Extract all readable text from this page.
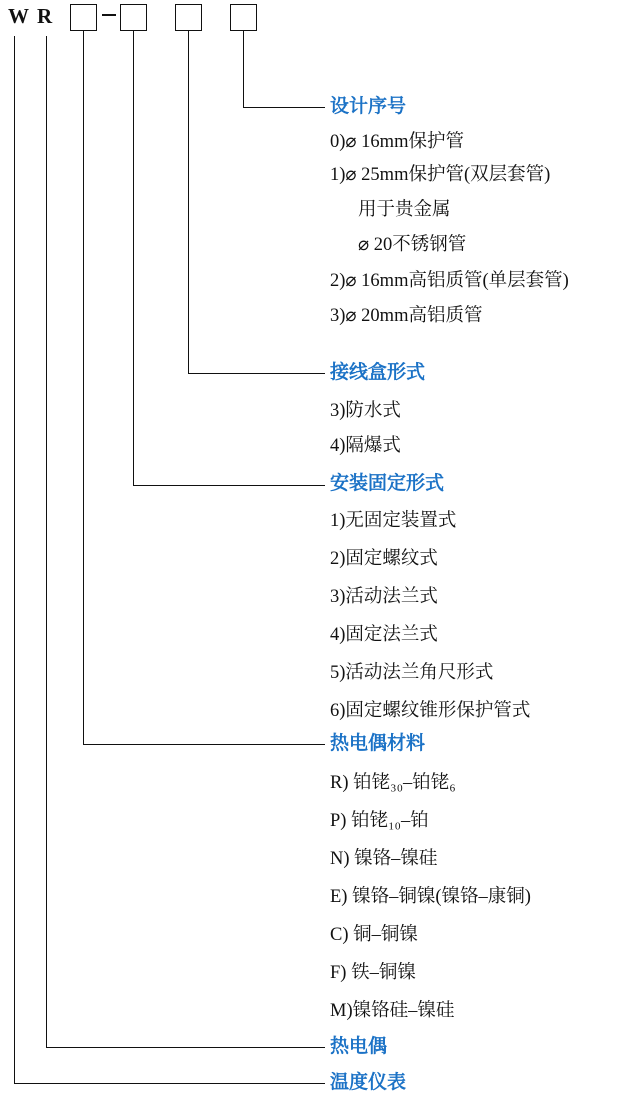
W R
设计序号
0)⌀ 16mm保护管
1)⌀ 25mm保护管(双层套管)
用于贵金属
⌀ 20不锈钢管
2)⌀ 16mm高铝质管(单层套管)
3)⌀ 20mm高铝质管
接线盒形式
3)防水式
4)隔爆式
安装固定形式
1)无固定装置式
2)固定螺纹式
3)活动法兰式
4)固定法兰式
5)活动法兰角尺形式
6)固定螺纹锥形保护管式
热电偶材料
R) 铂铑₃₀–铂铑₆
P) 铂铑₁₀–铂
N) 镍铬–镍硅
E) 镍铬–铜镍(镍铬–康铜)
C) 铜–铜镍
F) 铁–铜镍
M)镍铬硅–镍硅
热电偶
温度仪表
